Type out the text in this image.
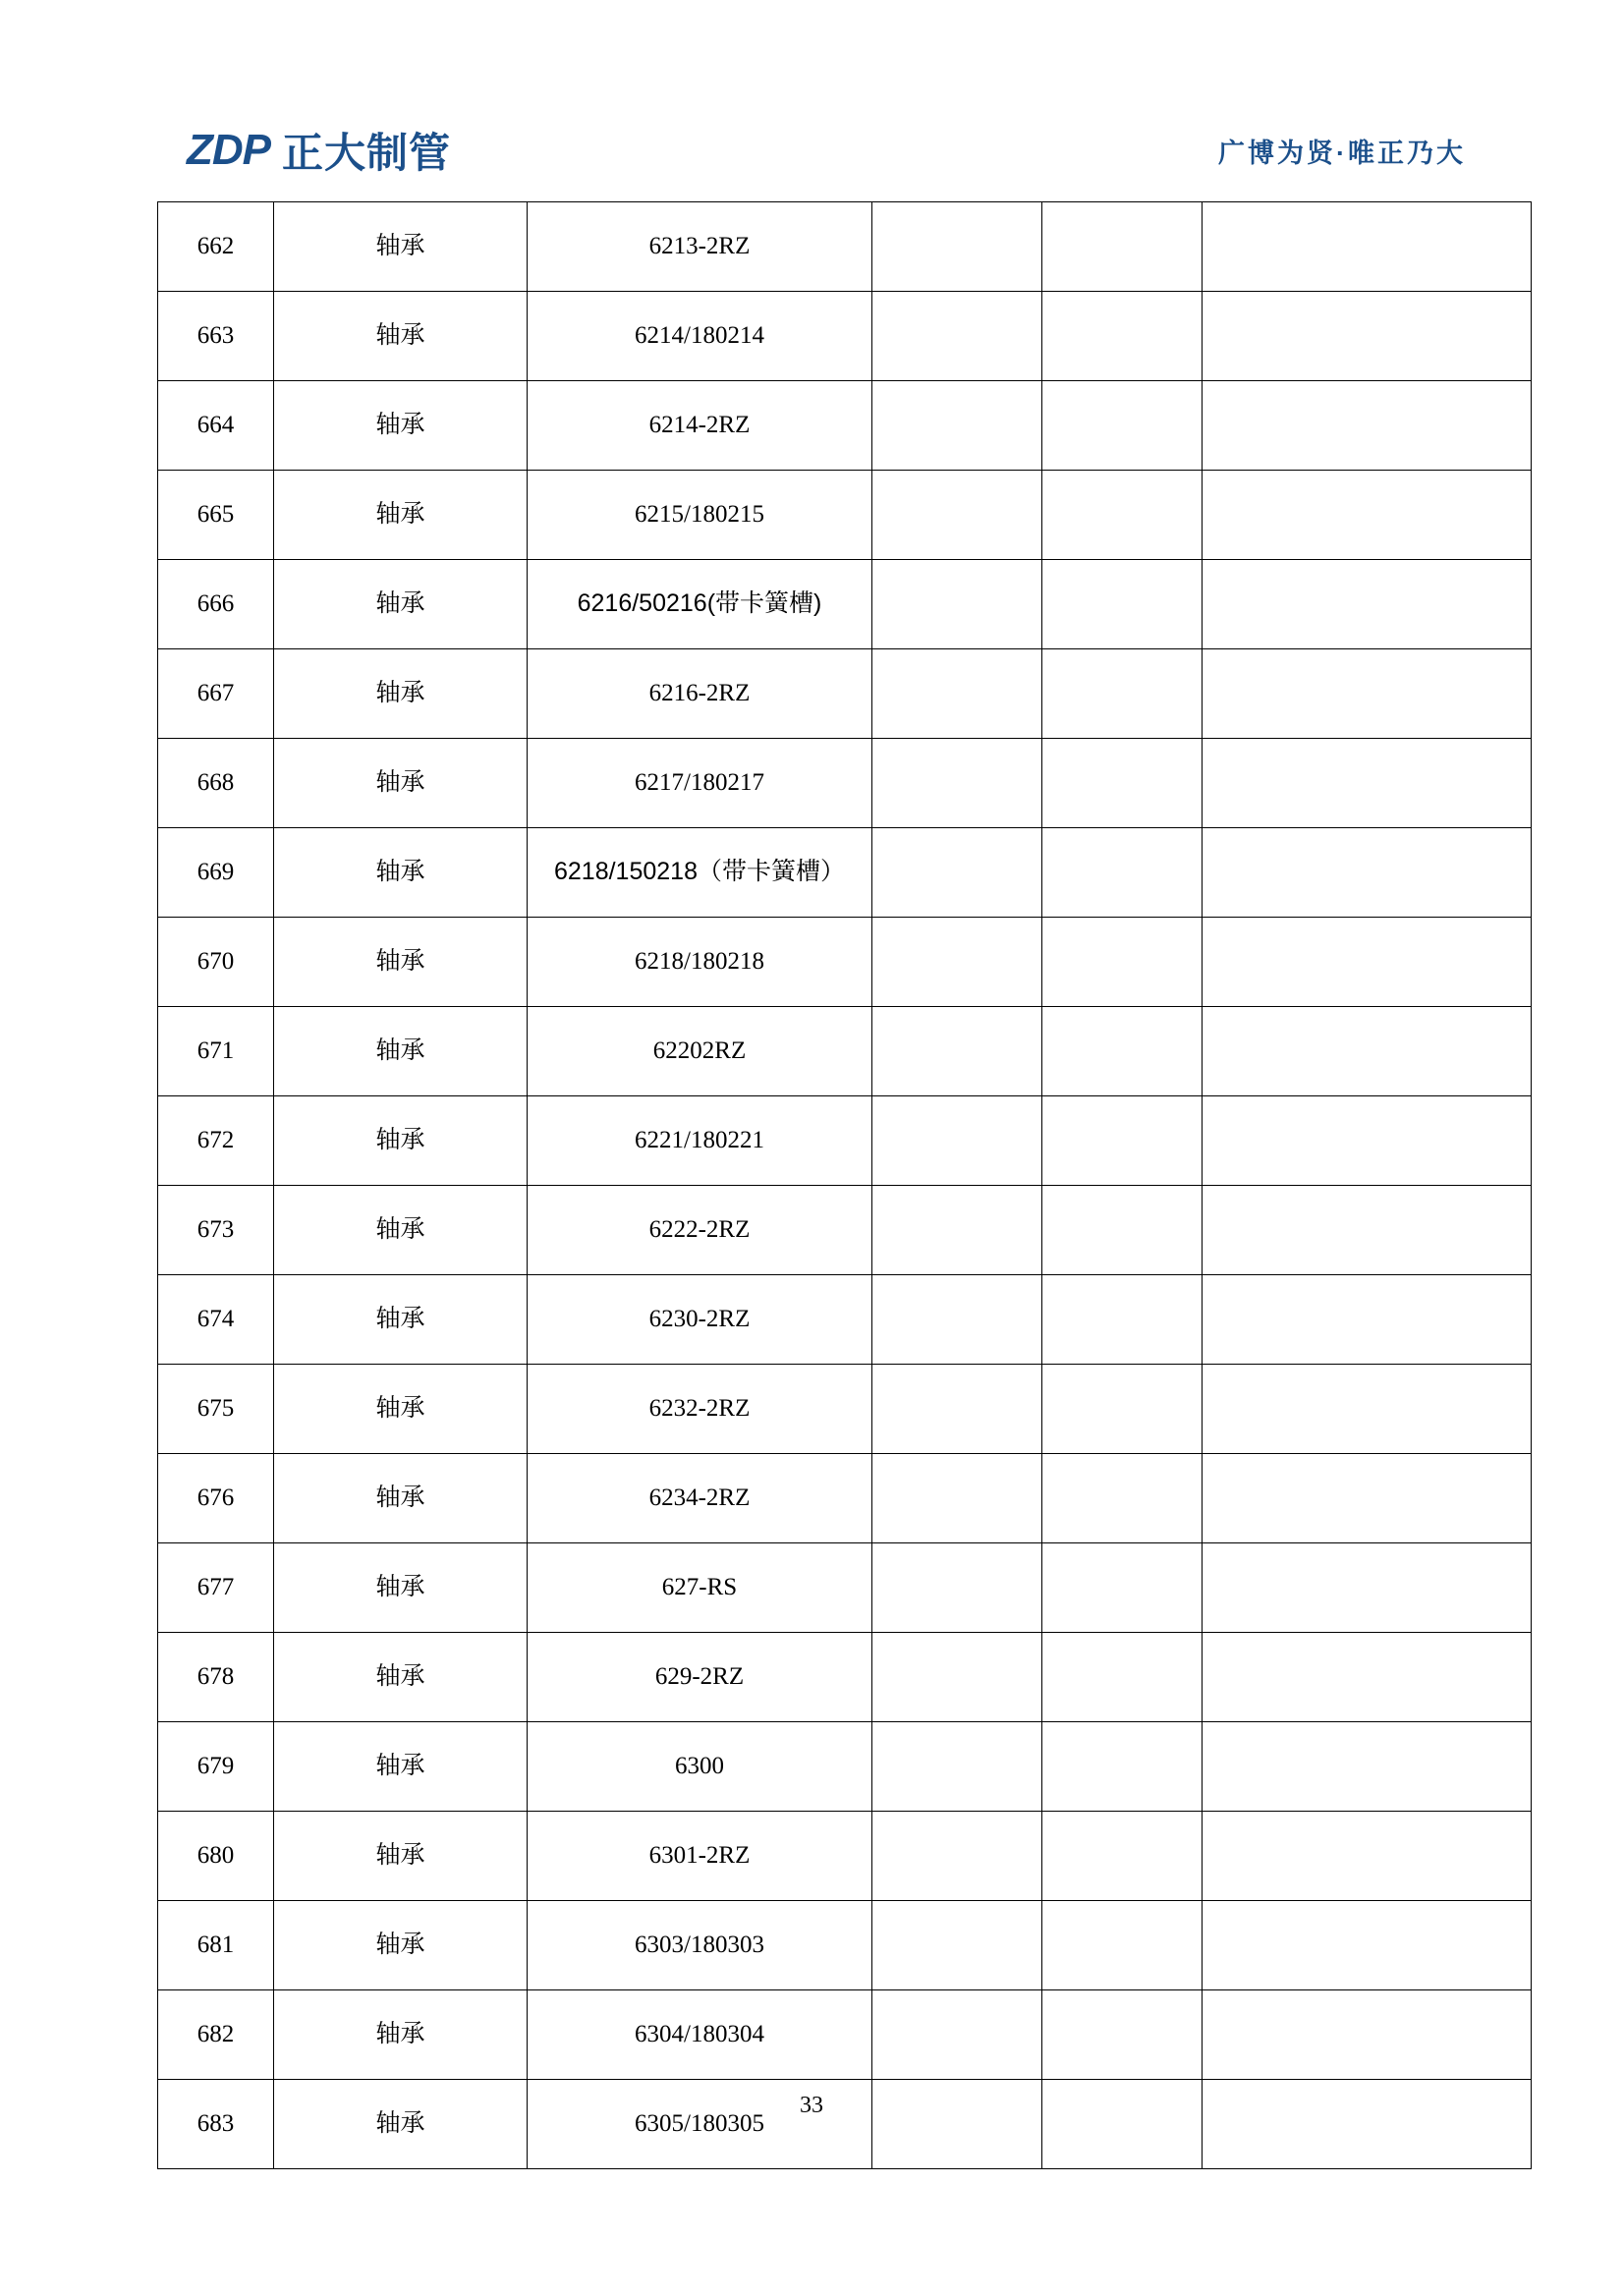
ZDP 正大制管	广博为贤·唯正乃大
662	轴承	6213-2RZ			
663	轴承	6214/180214			
664	轴承	6214-2RZ			
665	轴承	6215/180215			
666	轴承	6216/50216(带卡簧槽)			
667	轴承	6216-2RZ			
668	轴承	6217/180217			
669	轴承	6218/150218（带卡簧槽）			
670	轴承	6218/180218			
671	轴承	62202RZ			
672	轴承	6221/180221			
673	轴承	6222-2RZ			
674	轴承	6230-2RZ			
675	轴承	6232-2RZ			
676	轴承	6234-2RZ			
677	轴承	627-RS			
678	轴承	629-2RZ			
679	轴承	6300			
680	轴承	6301-2RZ			
681	轴承	6303/180303			
682	轴承	6304/180304			
683	轴承	6305/180305			
33
